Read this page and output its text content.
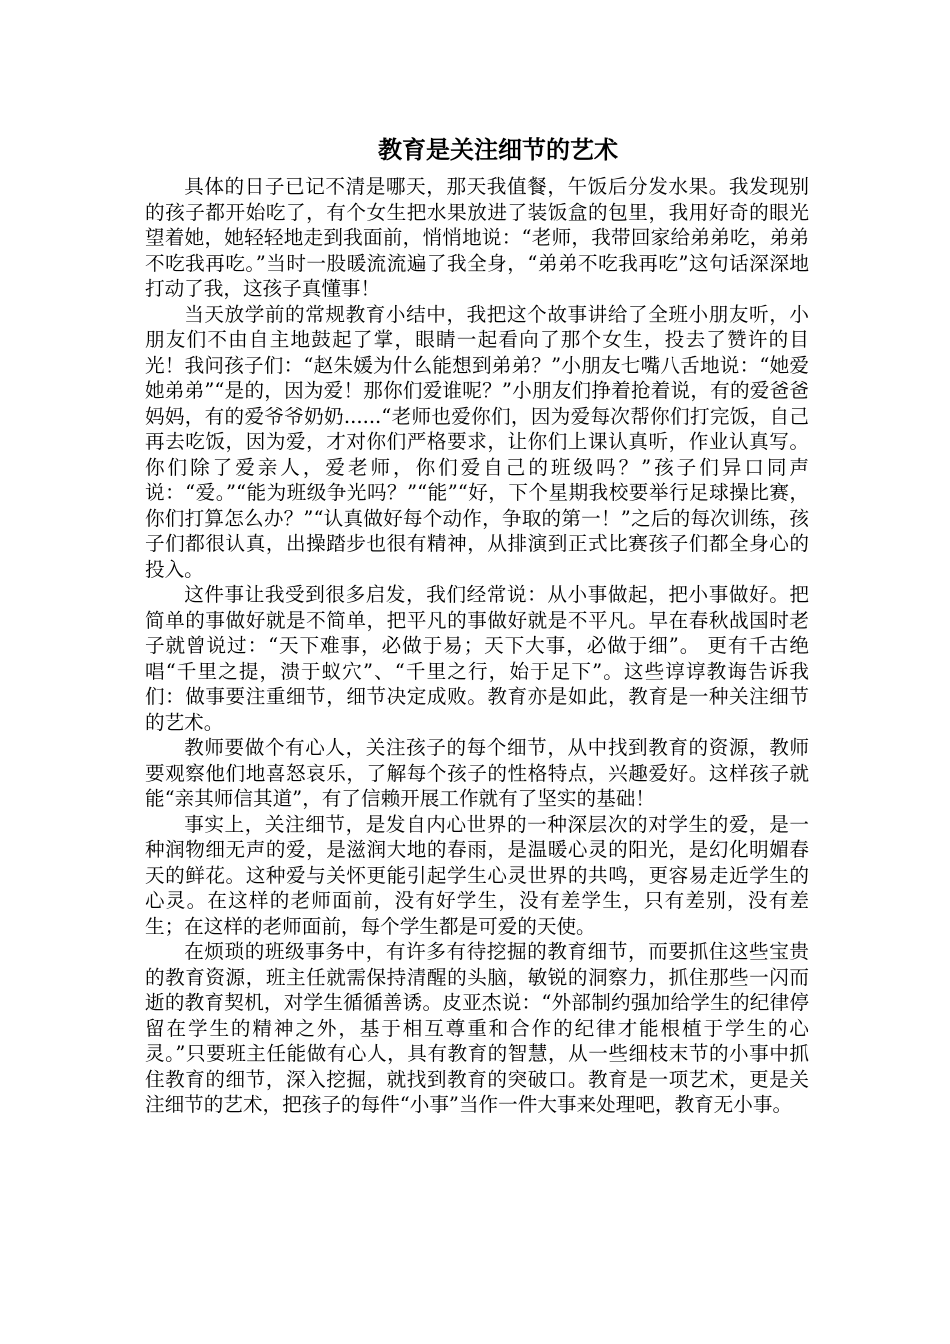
教育是关注细节的艺术

具体的日子已记不清是哪天，那天我值餐，午饭后分发水果。我发现别的孩子都开始吃了，有个女生把水果放进了装饭盒的包里，我用好奇的眼光望着她，她轻轻地走到我面前，悄悄地说：“老师，我带回家给弟弟吃，弟弟不吃我再吃。”当时一股暖流流遍了我全身，“弟弟不吃我再吃”这句话深深地打动了我，这孩子真懂事！

当天放学前的常规教育小结中，我把这个故事讲给了全班小朋友听，小朋友们不由自主地鼓起了掌，眼睛一起看向了那个女生，投去了赞许的目光！我问孩子们：“赵朱媛为什么能想到弟弟？”小朋友七嘴八舌地说：“她爱她弟弟”“是的，因为爱！那你们爱谁呢？”小朋友们挣着抢着说，有的爱爸爸妈妈，有的爱爷爷奶奶......“老师也爱你们，因为爱每次帮你们打完饭，自己再去吃饭，因为爱，才对你们严格要求，让你们上课认真听，作业认真写。你们除了爱亲人，爱老师，你们爱自己的班级吗？”孩子们异口同声说：“爱。”“能为班级争光吗？”“能”“好，下个星期我校要举行足球操比赛，你们打算怎么办？”“认真做好每个动作，争取的第一！”之后的每次训练，孩子们都很认真，出操踏步也很有精神，从排演到正式比赛孩子们都全身心的投入。

这件事让我受到很多启发，我们经常说：从小事做起，把小事做好。把简单的事做好就是不简单，把平凡的事做好就是不平凡。早在春秋战国时老子就曾说过：“天下难事，必做于易；天下大事，必做于细”。 更有千古绝唱“千里之提，溃于蚁穴”、“千里之行，始于足下”。这些谆谆教诲告诉我们：做事要注重细节，细节决定成败。教育亦是如此，教育是一种关注细节的艺术。

教师要做个有心人，关注孩子的每个细节，从中找到教育的资源，教师要观察他们地喜怒哀乐，了解每个孩子的性格特点，兴趣爱好。这样孩子就能“亲其师信其道”，有了信赖开展工作就有了坚实的基础！

事实上，关注细节，是发自内心世界的一种深层次的对学生的爱，是一种润物细无声的爱，是滋润大地的春雨，是温暖心灵的阳光，是幻化明媚春天的鲜花。这种爱与关怀更能引起学生心灵世界的共鸣，更容易走近学生的心灵。在这样的老师面前，没有好学生，没有差学生，只有差别，没有差生；在这样的老师面前，每个学生都是可爱的天使。

在烦琐的班级事务中，有许多有待挖掘的教育细节，而要抓住这些宝贵的教育资源，班主任就需保持清醒的头脑，敏锐的洞察力，抓住那些一闪而逝的教育契机，对学生循循善诱。皮亚杰说：“外部制约强加给学生的纪律停留在学生的精神之外，基于相互尊重和合作的纪律才能根植于学生的心灵。”只要班主任能做有心人，具有教育的智慧，从一些细枝末节的小事中抓住教育的细节，深入挖掘，就找到教育的突破口。教育是一项艺术，更是关注细节的艺术，把孩子的每件“小事”当作一件大事来处理吧，教育无小事。
